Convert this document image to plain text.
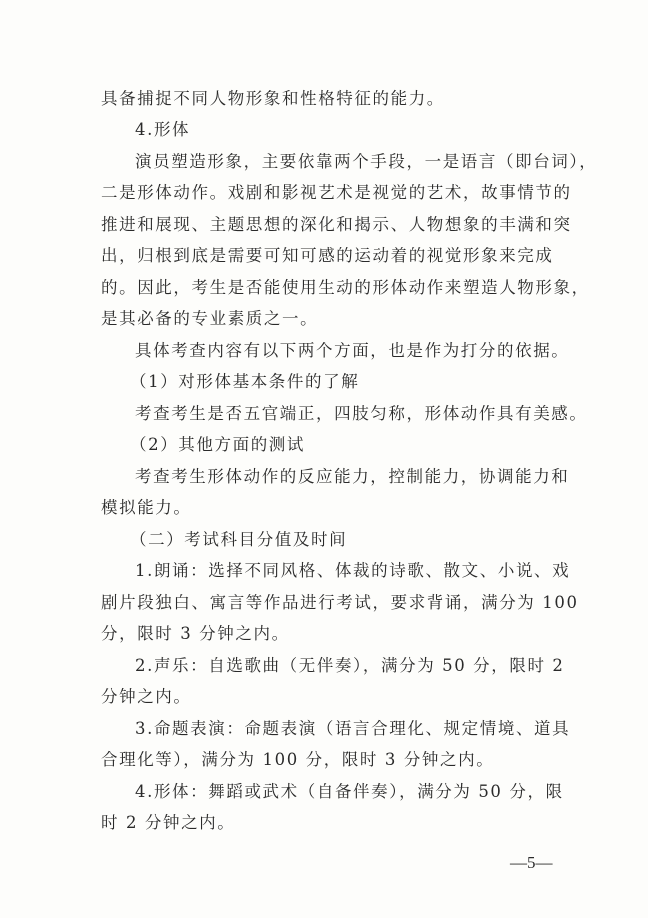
具备捕捉不同人物形象和性格特征的能力。
4.形体
演员塑造形象，主要依靠两个手段，一是语言（即台词），
二是形体动作。戏剧和影视艺术是视觉的艺术，故事情节的
推进和展现、主题思想的深化和揭示、人物想象的丰满和突
出，归根到底是需要可知可感的运动着的视觉形象来完成
的。因此，考生是否能使用生动的形体动作来塑造人物形象，
是其必备的专业素质之一。
具体考查内容有以下两个方面，也是作为打分的依据。
（1）对形体基本条件的了解
考查考生是否五官端正，四肢匀称，形体动作具有美感。
（2）其他方面的测试
考查考生形体动作的反应能力，控制能力，协调能力和
模拟能力。
（二）考试科目分值及时间
1.朗诵：选择不同风格、体裁的诗歌、散文、小说、戏
剧片段独白、寓言等作品进行考试，要求背诵，满分为 100
分，限时 3 分钟之内。
2.声乐：自选歌曲（无伴奏），满分为 50 分，限时 2
分钟之内。
3.命题表演：命题表演（语言合理化、规定情境、道具
合理化等），满分为 100 分，限时 3 分钟之内。
4.形体：舞蹈或武术（自备伴奏），满分为 50 分，限
时 2 分钟之内。
—5—
